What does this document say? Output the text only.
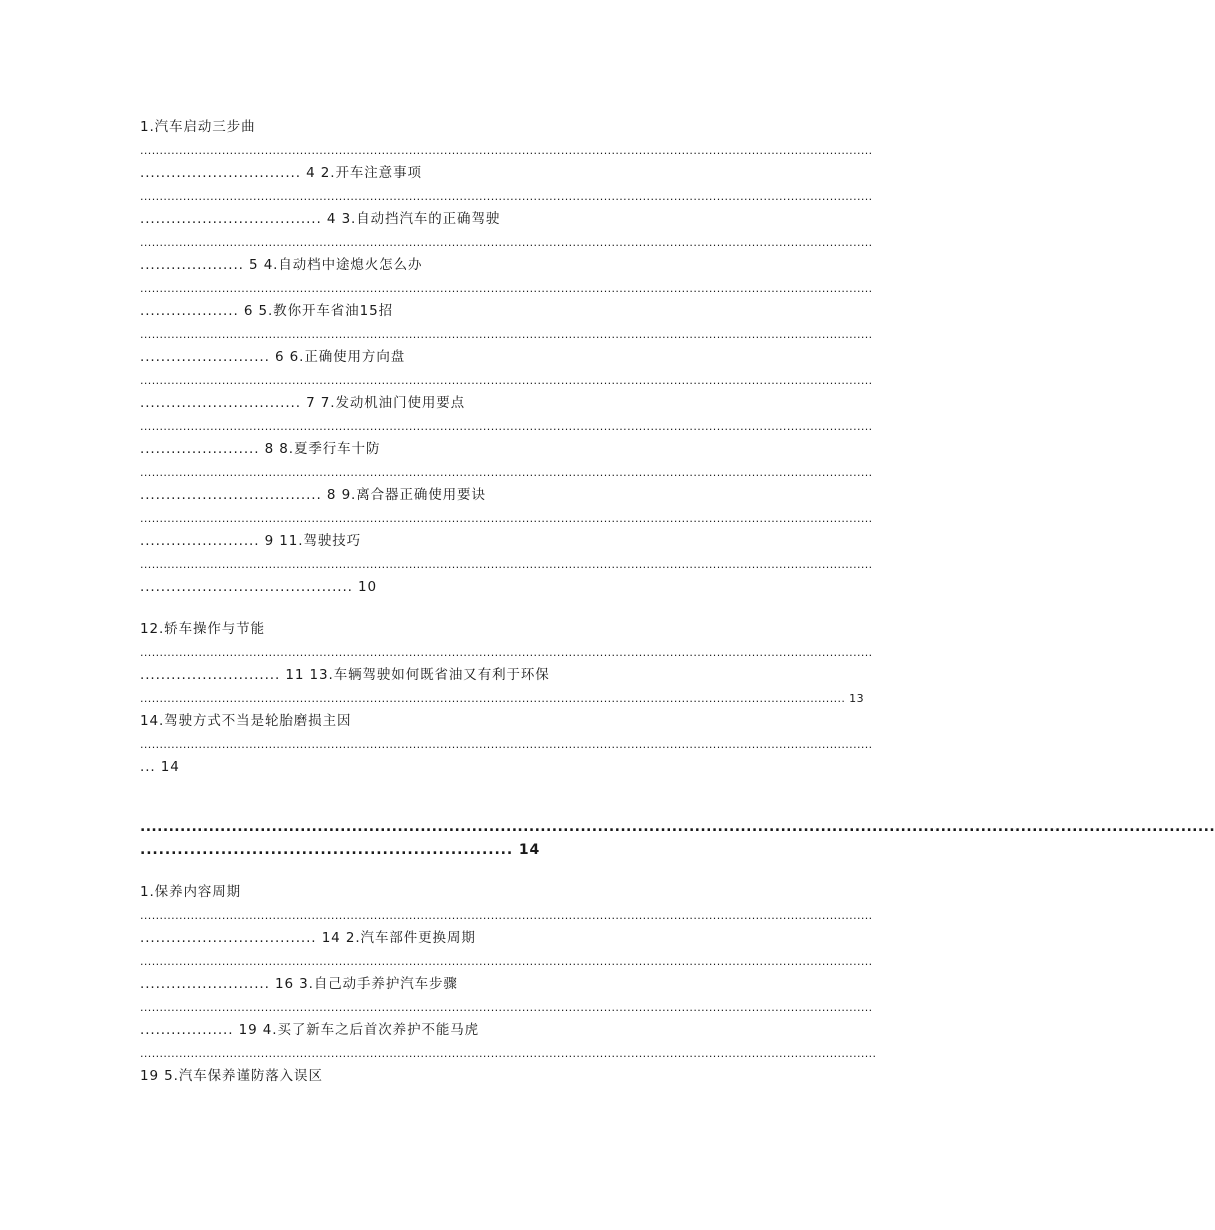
1.汽车启动三步曲
............................................................................................................................................................................................
............................... 4 2.开车注意事项
............................................................................................................................................................................................
................................... 4 3.自动挡汽车的正确驾驶
............................................................................................................................................................................................
.................... 5 4.自动档中途熄火怎么办
............................................................................................................................................................................................
................... 6 5.教你开车省油15招
............................................................................................................................................................................................
......................... 6 6.正确使用方向盘
............................................................................................................................................................................................
............................... 7 7.发动机油门使用要点
............................................................................................................................................................................................
....................... 8 8.夏季行车十防
............................................................................................................................................................................................
................................... 8 9.离合器正确使用要诀
............................................................................................................................................................................................
....................... 9 11.驾驶技巧
............................................................................................................................................................................................
......................................... 10
12.轿车操作与节能
............................................................................................................................................................................................
........................... 11 13.车辆驾驶如何既省油又有利于环保
..................................................................................................................................................................................... 13
14.驾驶方式不当是轮胎磨损主因
............................................................................................................................................................................................
... 14
............................................................................................................................................................................................
............................................................ 14
1.保养内容周期
............................................................................................................................................................................................
.................................. 14 2.汽车部件更换周期
............................................................................................................................................................................................
......................... 16 3.自己动手养护汽车步骤
............................................................................................................................................................................................
.................. 19 4.买了新车之后首次养护不能马虎
.............................................................................................................................................................................................
19 5.汽车保养谨防落入误区
